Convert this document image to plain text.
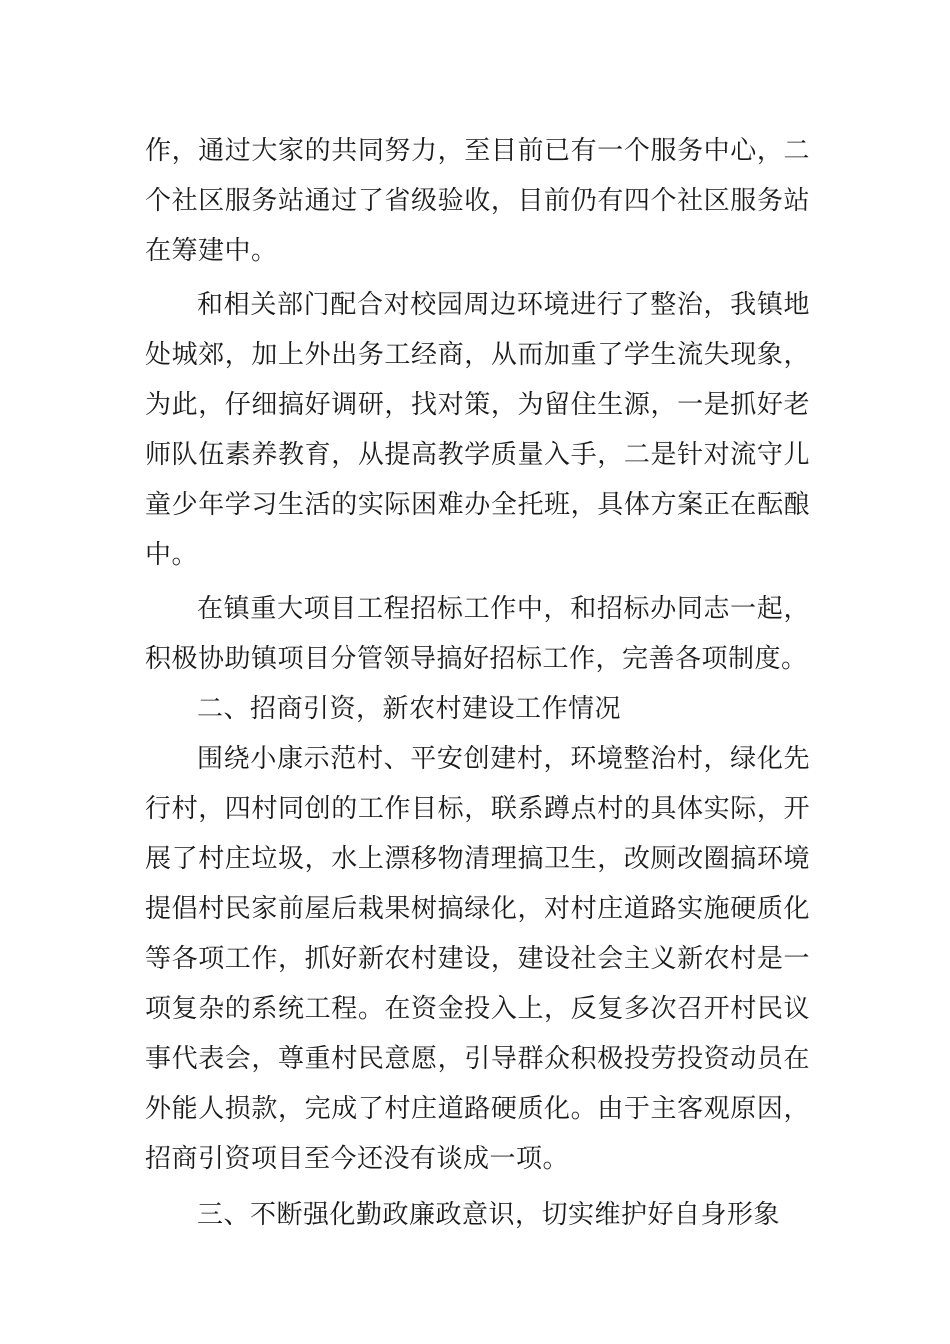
作，通过大家的共同努力，至目前已有一个服务中心，二个社区服务站通过了省级验收，目前仍有四个社区服务站在筹建中。

和相关部门配合对校园周边环境进行了整治，我镇地处城郊，加上外出务工经商，从而加重了学生流失现象，为此，仔细搞好调研，找对策，为留住生源，一是抓好老师队伍素养教育，从提高教学质量入手，二是针对流守儿童少年学习生活的实际困难办全托班，具体方案正在酝酿中。

在镇重大项目工程招标工作中，和招标办同志一起，积极协助镇项目分管领导搞好招标工作，完善各项制度。

二、招商引资，新农村建设工作情况

围绕小康示范村、平安创建村，环境整治村，绿化先行村，四村同创的工作目标，联系蹲点村的具体实际，开展了村庄垃圾，水上漂移物清理搞卫生，改厕改圈搞环境提倡村民家前屋后栽果树搞绿化，对村庄道路实施硬质化等各项工作，抓好新农村建设，建设社会主义新农村是一项复杂的系统工程。在资金投入上，反复多次召开村民议事代表会，尊重村民意愿，引导群众积极投劳投资动员在外能人损款，完成了村庄道路硬质化。由于主客观原因，招商引资项目至今还没有谈成一项。

三、不断强化勤政廉政意识，切实维护好自身形象
